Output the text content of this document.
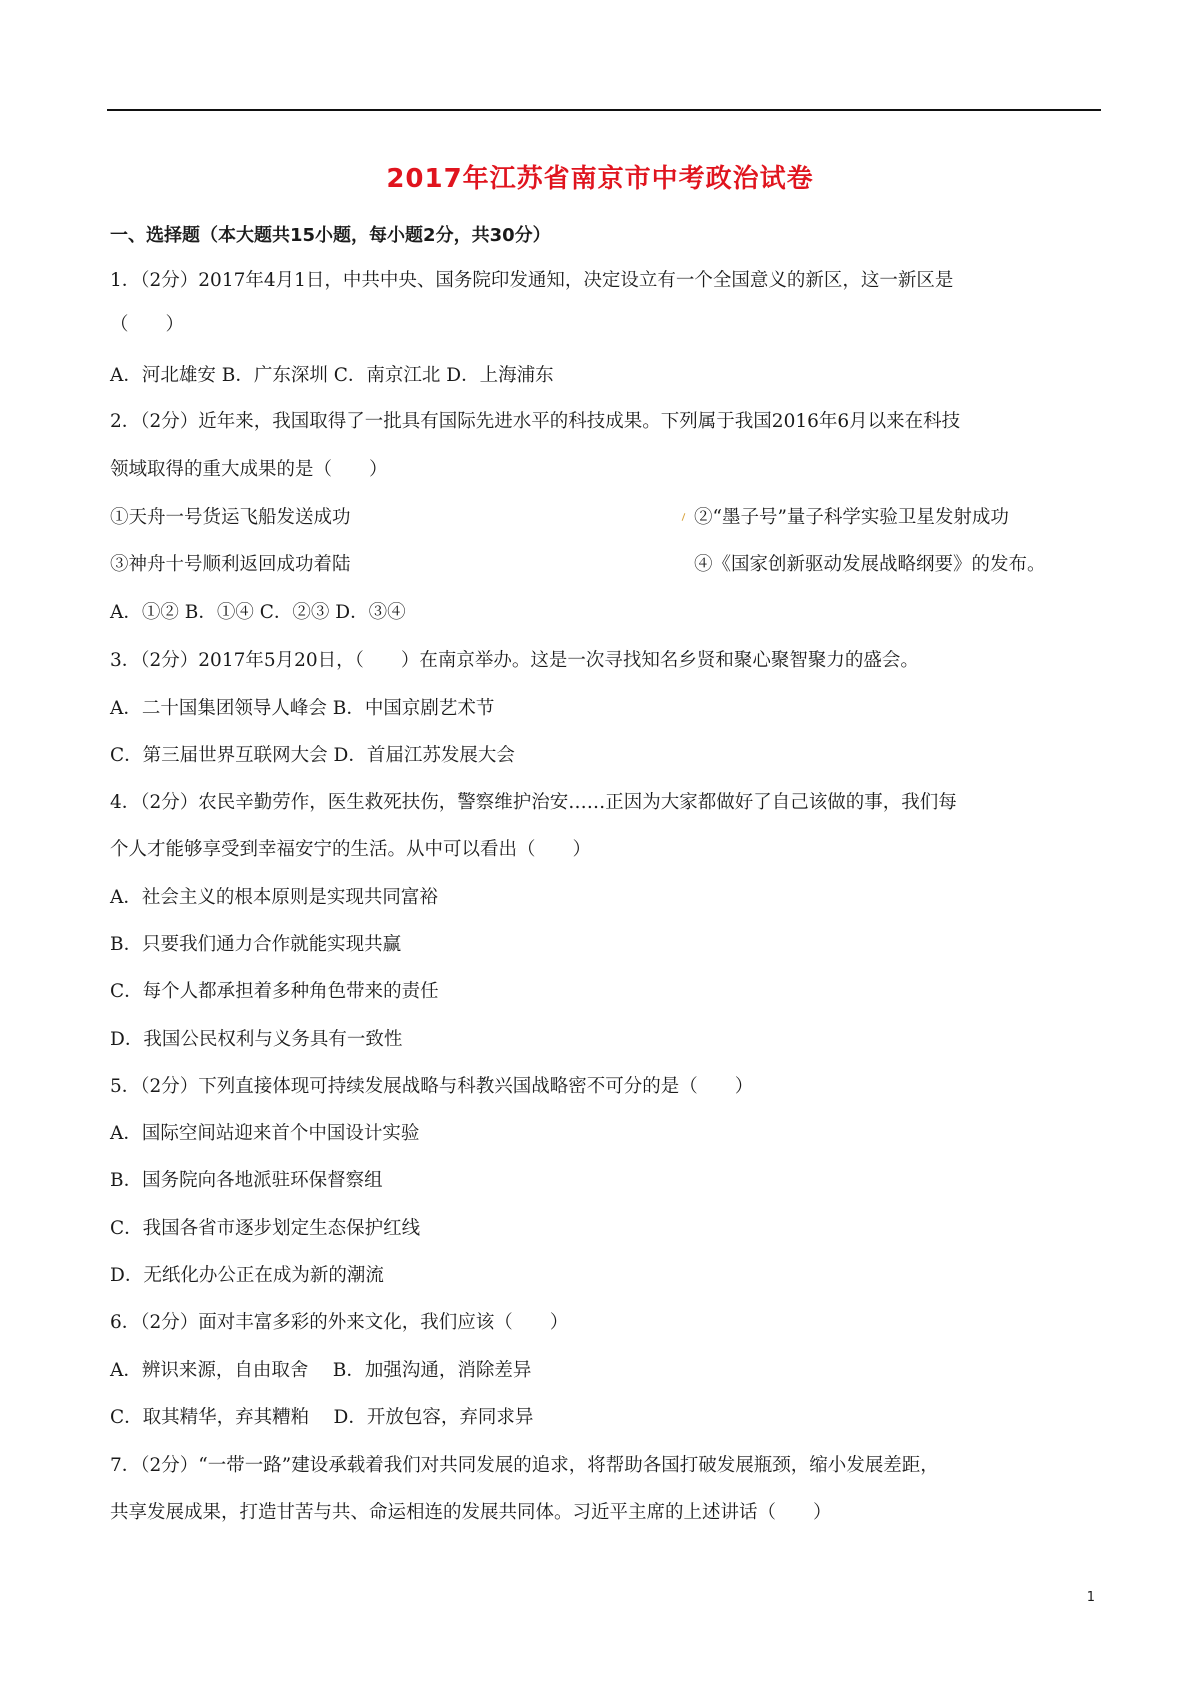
2017年江苏省南京市中考政治试卷
一、选择题（本大题共15小题，每小题2分，共30分）
1．（2分）2017年4月1日，中共中央、国务院印发通知，决定设立有一个全国意义的新区，这一新区是
（　　）
A．河北雄安 B．广东深圳 C．南京江北 D．上海浦东
2．（2分）近年来，我国取得了一批具有国际先进水平的科技成果。下列属于我国2016年6月以来在科技
领域取得的重大成果的是（　　）
①天舟一号货运飞船发送成功	②“墨子号”量子科学实验卫星发射成功
③神舟十号顺利返回成功着陆	④《国家创新驱动发展战略纲要》的发布。
A．①② B．①④ C．②③ D．③④
3．（2分）2017年5月20日，（　　）在南京举办。这是一次寻找知名乡贤和聚心聚智聚力的盛会。
A．二十国集团领导人峰会 B．中国京剧艺术节
C．第三届世界互联网大会 D．首届江苏发展大会
4．（2分）农民辛勤劳作，医生救死扶伤，警察维护治安……正因为大家都做好了自己该做的事，我们每
个人才能够享受到幸福安宁的生活。从中可以看出（　　）
A．社会主义的根本原则是实现共同富裕
B．只要我们通力合作就能实现共赢
C．每个人都承担着多种角色带来的责任
D．我国公民权利与义务具有一致性
5．（2分）下列直接体现可持续发展战略与科教兴国战略密不可分的是（　　）
A．国际空间站迎来首个中国设计实验
B．国务院向各地派驻环保督察组
C．我国各省市逐步划定生态保护红线
D．无纸化办公正在成为新的潮流
6．（2分）面对丰富多彩的外来文化，我们应该（　　）
A．辨识来源，自由取舍　 B．加强沟通，消除差异
C．取其精华，弃其糟粕　 D．开放包容，弃同求异
7．（2分）“一带一路”建设承载着我们对共同发展的追求，将帮助各国打破发展瓶颈，缩小发展差距，
共享发展成果，打造甘苦与共、命运相连的发展共同体。习近平主席的上述讲话（　　）
1
